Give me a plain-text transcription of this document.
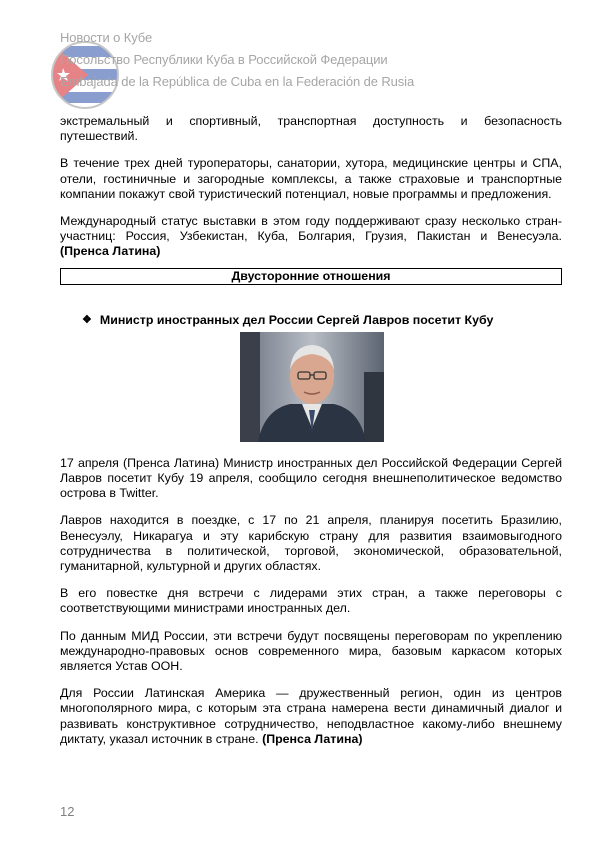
Новости о Кубе
Посольство Республики Куба в Российской Федерации
Embajada de la República de Cuba en la Federación de Rusia

экстремальный и спортивный, транспортная доступность и безопасность путешествий.

В течение трех дней туроператоры, санатории, хутора, медицинские центры и СПА, отели, гостиничные и загородные комплексы, а также страховые и транспортные компании покажут свой туристический потенциал, новые программы и предложения.

Международный статус выставки в этом году поддерживают сразу несколько стран-участниц: Россия, Узбекистан, Куба, Болгария, Грузия, Пакистан и Венесуэла. (Пренса Латина)

Двусторонние отношения
❖ Министр иностранных дел России Сергей Лавров посетит Кубу

17 апреля (Пренса Латина) Министр иностранных дел Российской Федерации Сергей Лавров посетит Кубу 19 апреля, сообщило сегодня внешнеполитическое ведомство острова в Twitter.

Лавров находится в поездке, с 17 по 21 апреля, планируя посетить Бразилию, Венесуэлу, Никарагуа и эту карибскую страну для развития взаимовыгодного сотрудничества в политической, торговой, экономической, образовательной, гуманитарной, культурной и других областях.

В его повестке дня встречи с лидерами этих стран, а также переговоры с соответствующими министрами иностранных дел.

По данным МИД России, эти встречи будут посвящены переговорам по укреплению международно-правовых основ современного мира, базовым каркасом которых является Устав ООН.

Для России Латинская Америка — дружественный регион, один из центров многополярного мира, с которым эта страна намерена вести динамичный диалог и развивать конструктивное сотрудничество, неподвластное какому-либо внешнему диктату, указал источник в стране. (Пренса Латина)

12
